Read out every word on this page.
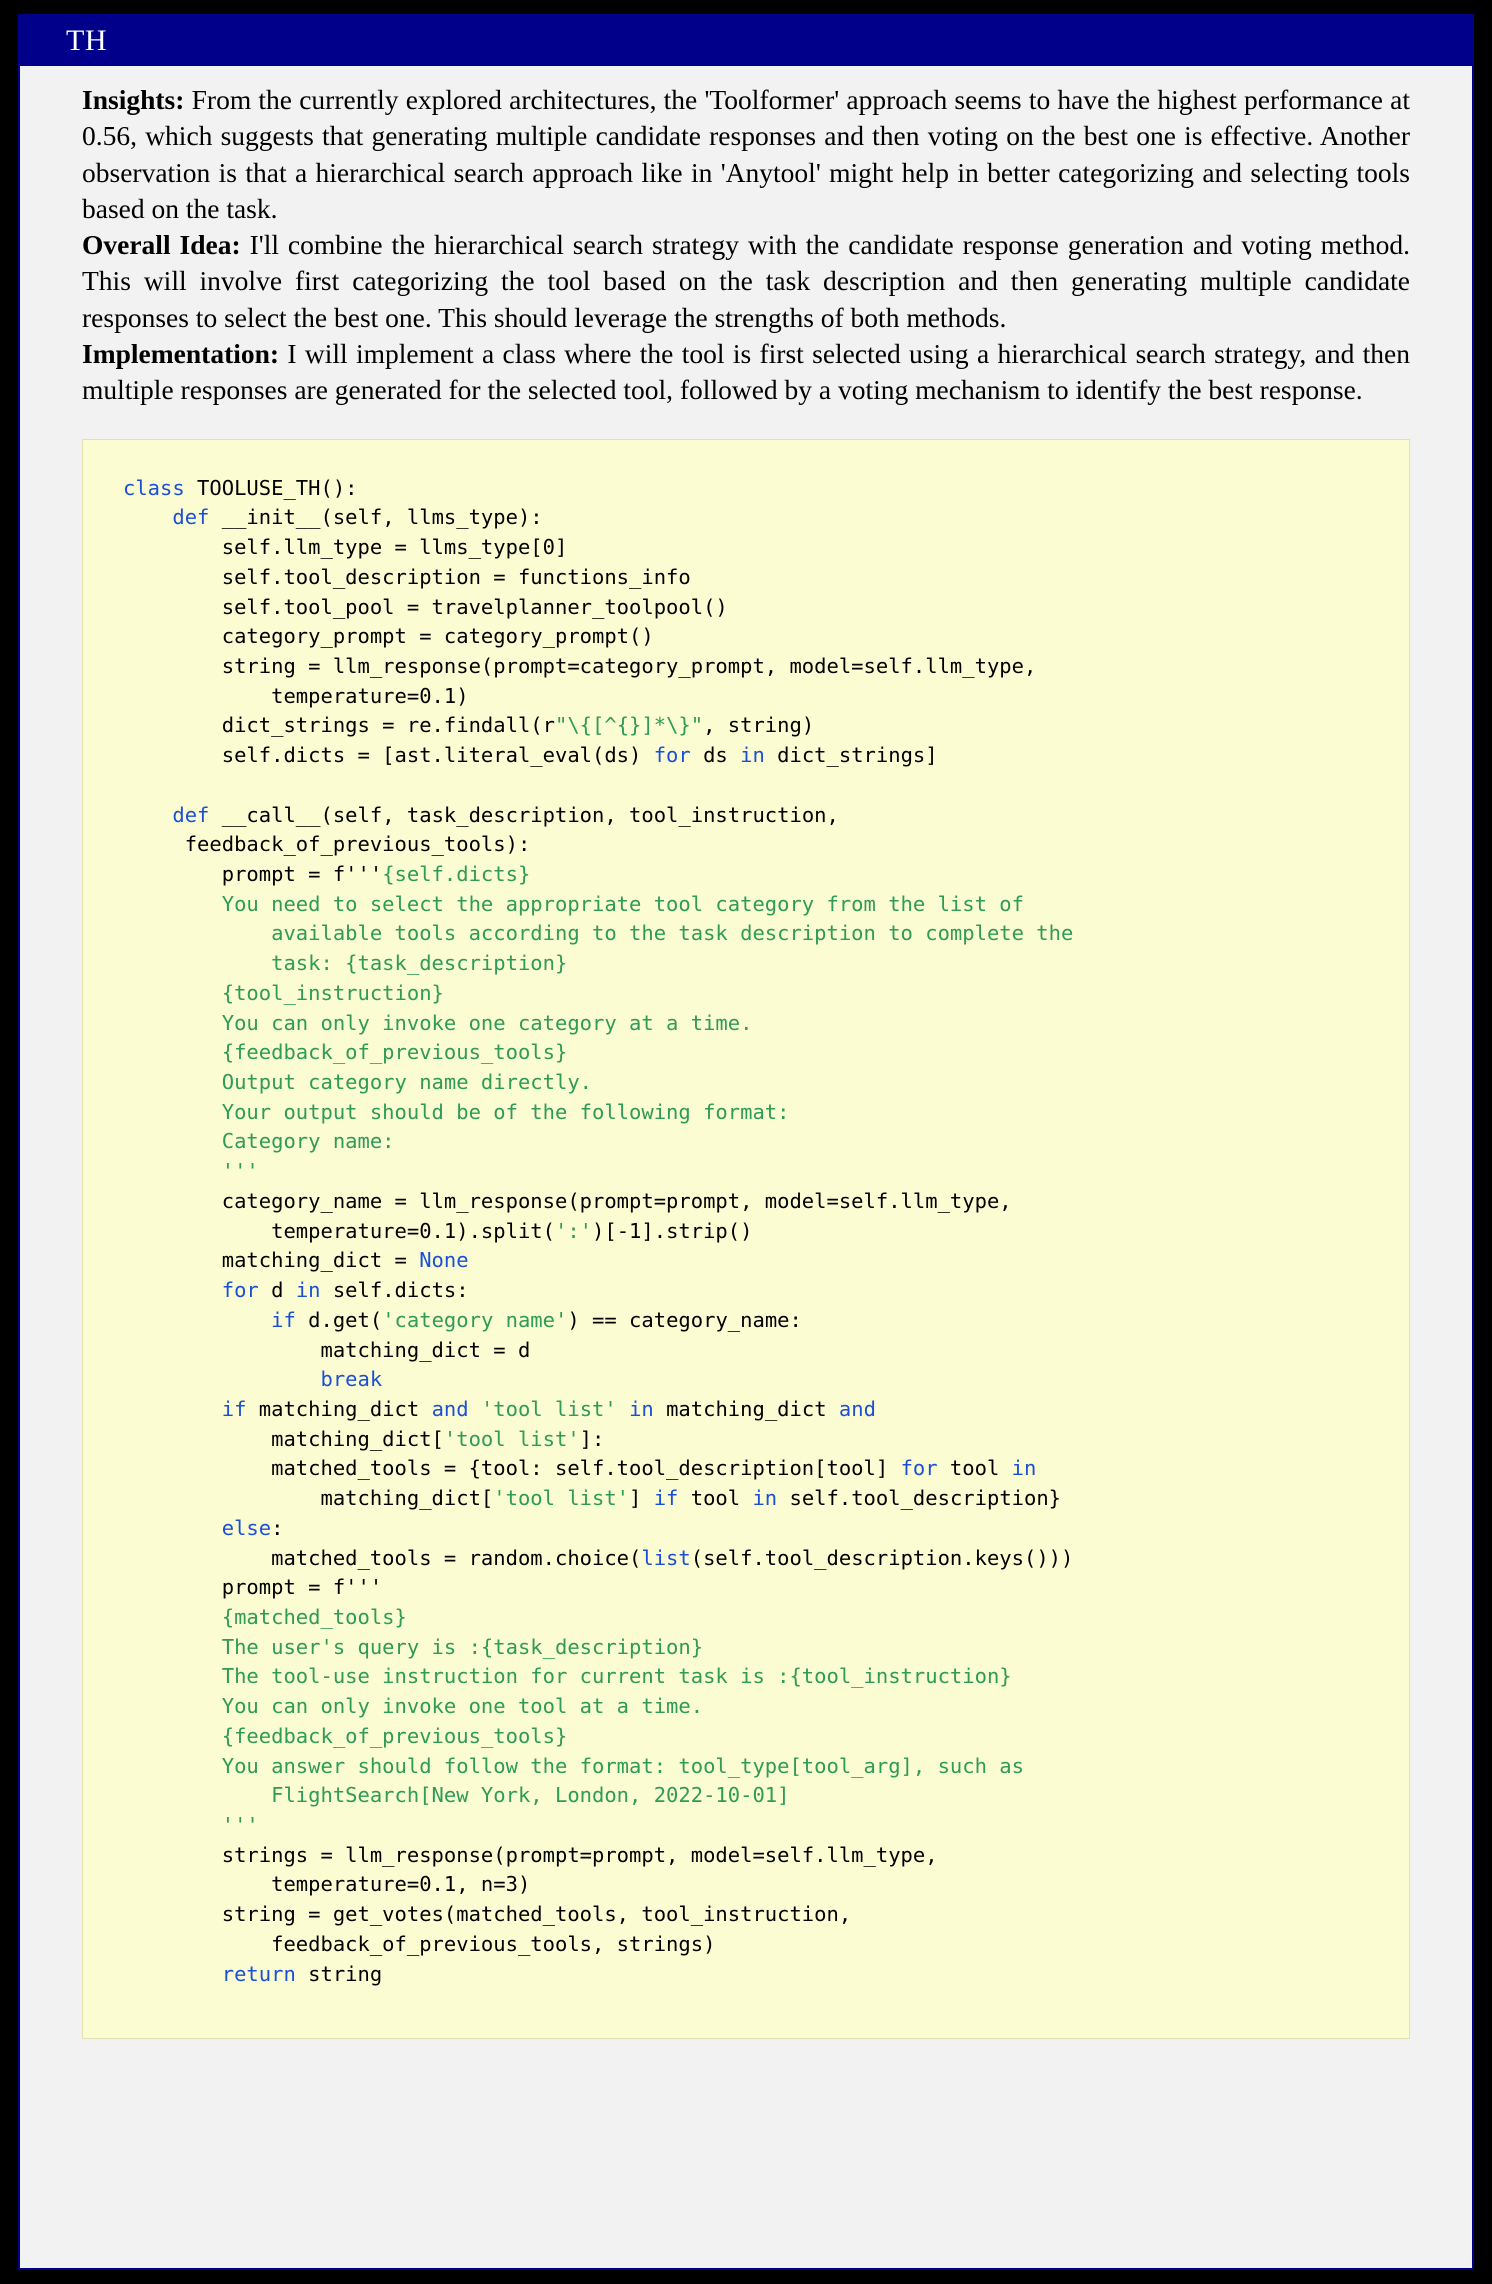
TH

Insights: From the currently explored architectures, the 'Toolformer' approach seems to have the highest performance at 0.56, which suggests that generating multiple candidate responses and then voting on the best one is effective. Another observation is that a hierarchical search approach like in 'Anytool' might help in better categorizing and selecting tools based on the task.

Overall Idea: I'll combine the hierarchical search strategy with the candidate response generation and voting method. This will involve first categorizing the tool based on the task description and then generating multiple candidate responses to select the best one. This should leverage the strengths of both methods.

Implementation: I will implement a class where the tool is first selected using a hierarchical search strategy, and then multiple responses are generated for the selected tool, followed by a voting mechanism to identify the best response.

class TOOLUSE_TH():
def __init__(self, llms_type):
self.llm_type = llms_type[0]
self.tool_description = functions_info
self.tool_pool = travelplanner_toolpool()
category_prompt = category_prompt()
string = llm_response(prompt=category_prompt, model=self.llm_type,
temperature=0.1)
dict_strings = re.findall(r"\{[^{}]*\}", string)
self.dicts = [ast.literal_eval(ds) for ds in dict_strings]

def __call__(self, task_description, tool_instruction,
feedback_of_previous_tools):
prompt = f'''{self.dicts}
You need to select the appropriate tool category from the list of
available tools according to the task description to complete the
task: {task_description}
{tool_instruction}
You can only invoke one category at a time.
{feedback_of_previous_tools}
Output category name directly.
Your output should be of the following format:
Category name:
'''
category_name = llm_response(prompt=prompt, model=self.llm_type,
temperature=0.1).split(':')[-1].strip()
matching_dict = None
for d in self.dicts:
if d.get('category name') == category_name:
matching_dict = d
break
if matching_dict and 'tool list' in matching_dict and
matching_dict['tool list']:
matched_tools = {tool: self.tool_description[tool] for tool in
matching_dict['tool list'] if tool in self.tool_description}
else:
matched_tools = random.choice(list(self.tool_description.keys()))
prompt = f'''
{matched_tools}
The user's query is :{task_description}
The tool-use instruction for current task is :{tool_instruction}
You can only invoke one tool at a time.
{feedback_of_previous_tools}
You answer should follow the format: tool_type[tool_arg], such as
FlightSearch[New York, London, 2022-10-01]
'''
strings = llm_response(prompt=prompt, model=self.llm_type,
temperature=0.1, n=3)
string = get_votes(matched_tools, tool_instruction,
feedback_of_previous_tools, strings)
return string
